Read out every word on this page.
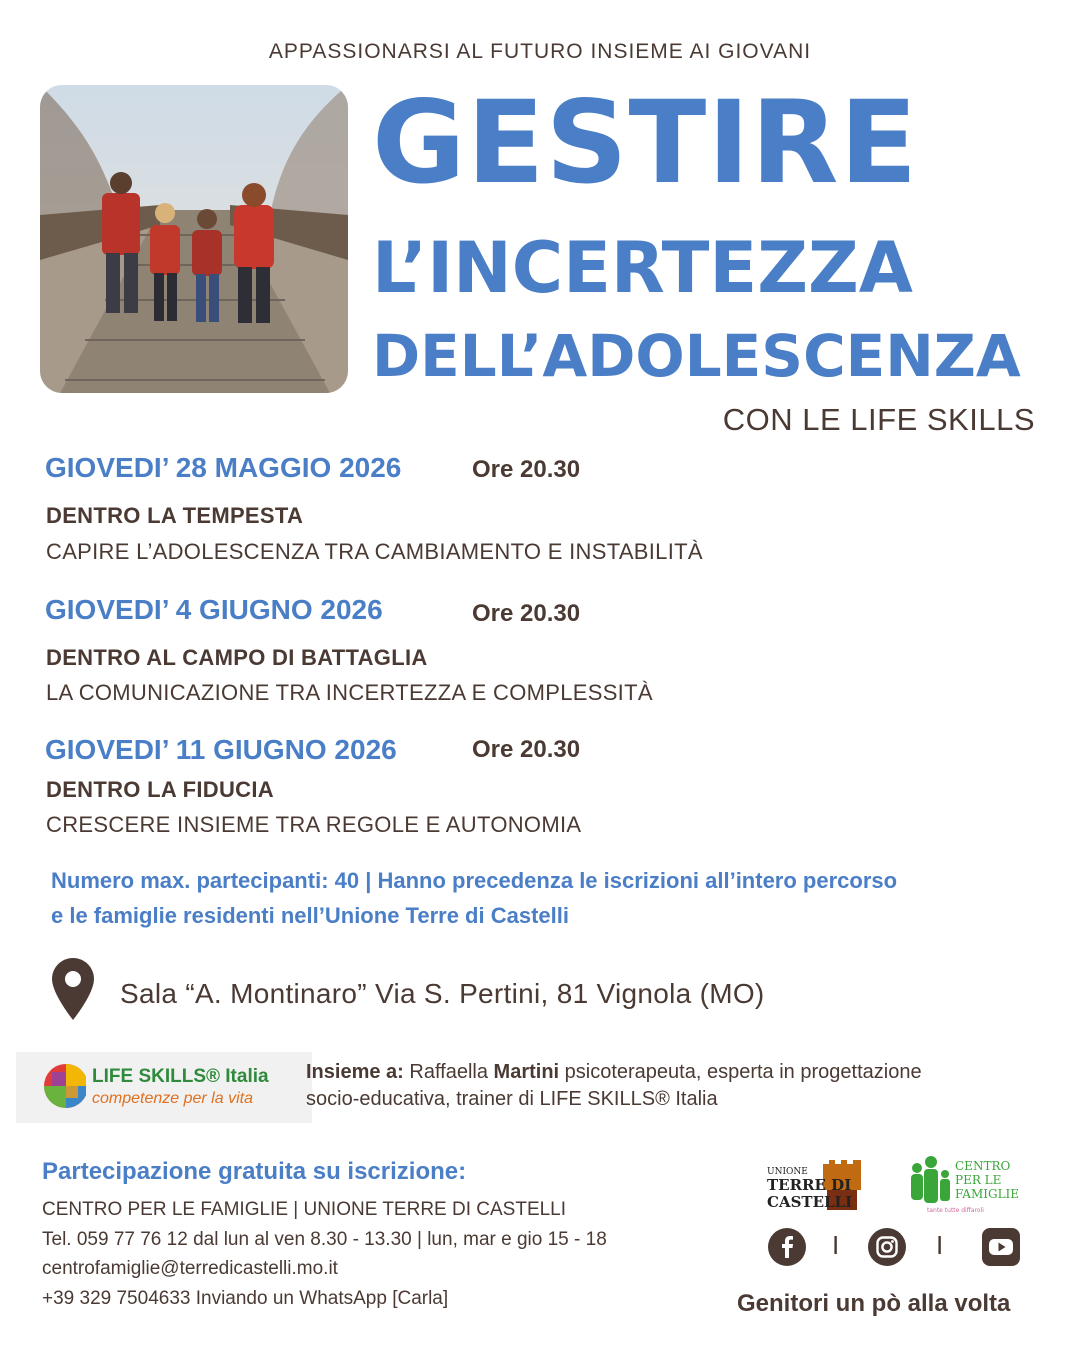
APPASSIONARSI AL FUTURO INSIEME AI GIOVANI
GESTIRE
L’INCERTEZZA
DELL’ADOLESCENZA
CON LE LIFE SKILLS
GIOVEDI’ 28 MAGGIO 2026	Ore 20.30
DENTRO LA TEMPESTA
CAPIRE L’ADOLESCENZA TRA CAMBIAMENTO E INSTABILITÀ
GIOVEDI’ 4 GIUGNO 2026	Ore 20.30
DENTRO AL CAMPO DI BATTAGLIA
LA COMUNICAZIONE TRA INCERTEZZA E COMPLESSITÀ
GIOVEDI’ 11 GIUGNO 2026	Ore 20.30
DENTRO LA FIDUCIA
CRESCERE INSIEME TRA REGOLE E AUTONOMIA
Numero max. partecipanti: 40 | Hanno precedenza le iscrizioni all’intero percorso
e le famiglie residenti nell’Unione Terre di Castelli
Sala “A. Montinaro” Via S. Pertini, 81 Vignola (MO)
LIFE SKILLS® Italia
competenze per la vita
Insieme a: Raffaella Martini psicoterapeuta, esperta in progettazione
socio-educativa, trainer di LIFE SKILLS® Italia
Partecipazione gratuita su iscrizione:
CENTRO PER LE FAMIGLIE | UNIONE TERRE DI CASTELLI
Tel. 059 77 76 12 dal lun al ven 8.30 - 13.30 | lun, mar e gio 15 - 18
centrofamiglie@terredicastelli.mo.it
+39 329 7504633 Inviando un WhatsApp [Carla]
UNIONE
TERRE DI
CASTELLI
CENTRO
PER LE
FAMIGLIE
tante tutte diffaroli
I	I
Genitori un pò alla volta
